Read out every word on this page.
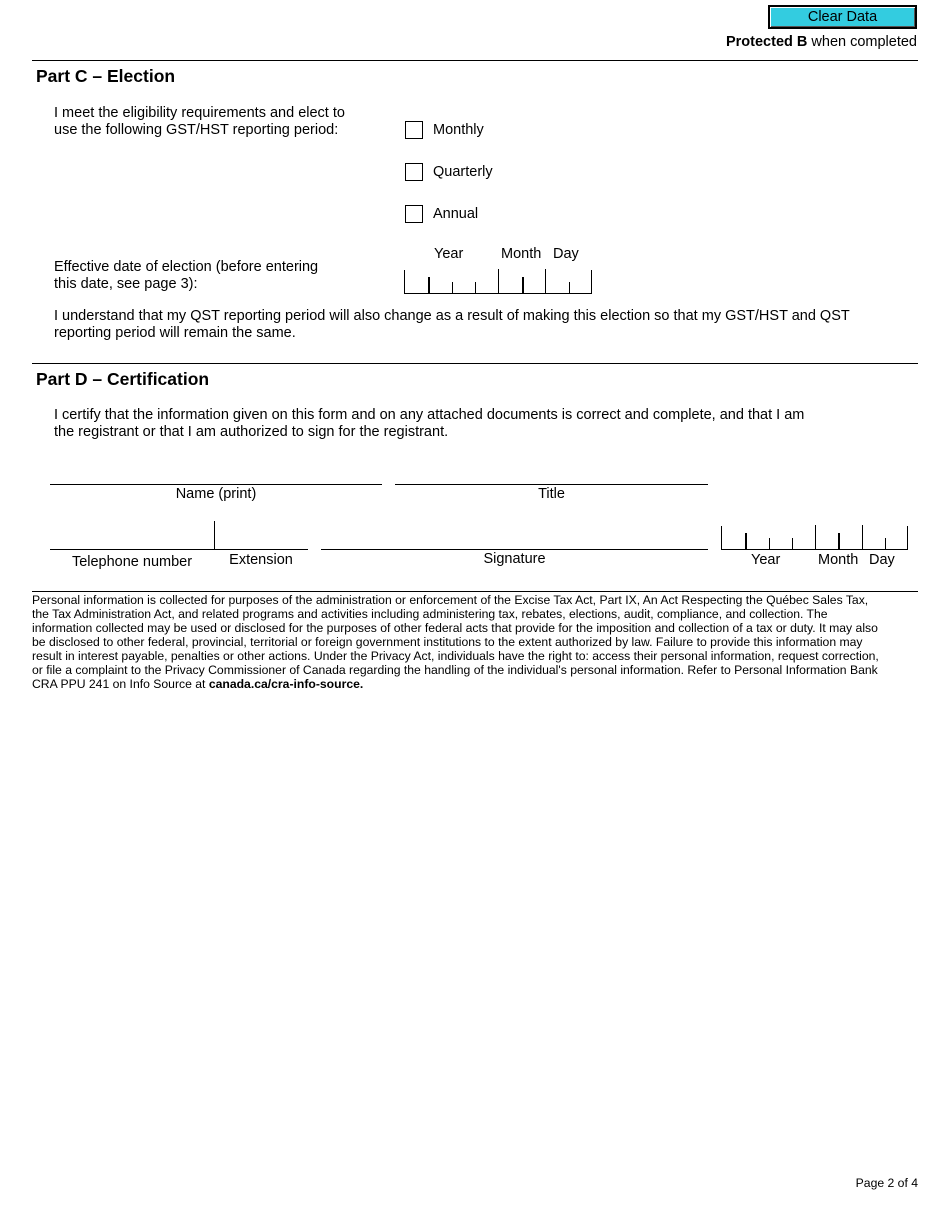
Clear Data
Protected B when completed
Part C – Election
I meet the eligibility requirements and elect to
use the following GST/HST reporting period:	Monthly
Quarterly
Annual
Year	Month Day
Effective date of election (before entering
this date, see page 3):
I understand that my QST reporting period will also change as a result of making this election so that my GST/HST and QST
reporting period will remain the same.
Part D – Certification
I certify that the information given on this form and on any attached documents is correct and complete, and that I am
the registrant or that I am authorized to sign for the registrant.
Name (print)	Title
Telephone number	Extension	Signature	Year	Month Day
Personal information is collected for purposes of the administration or enforcement of the Excise Tax Act, Part IX, An Act Respecting the Québec Sales Tax,
the Tax Administration Act, and related programs and activities including administering tax, rebates, elections, audit, compliance, and collection. The
information collected may be used or disclosed for the purposes of other federal acts that provide for the imposition and collection of a tax or duty. It may also
be disclosed to other federal, provincial, territorial or foreign government institutions to the extent authorized by law. Failure to provide this information may
result in interest payable, penalties or other actions. Under the Privacy Act, individuals have the right to: access their personal information, request correction,
or file a complaint to the Privacy Commissioner of Canada regarding the handling of the individual's personal information. Refer to Personal Information Bank
CRA PPU 241 on Info Source at canada.ca/cra-info-source.
Page 2 of 4
